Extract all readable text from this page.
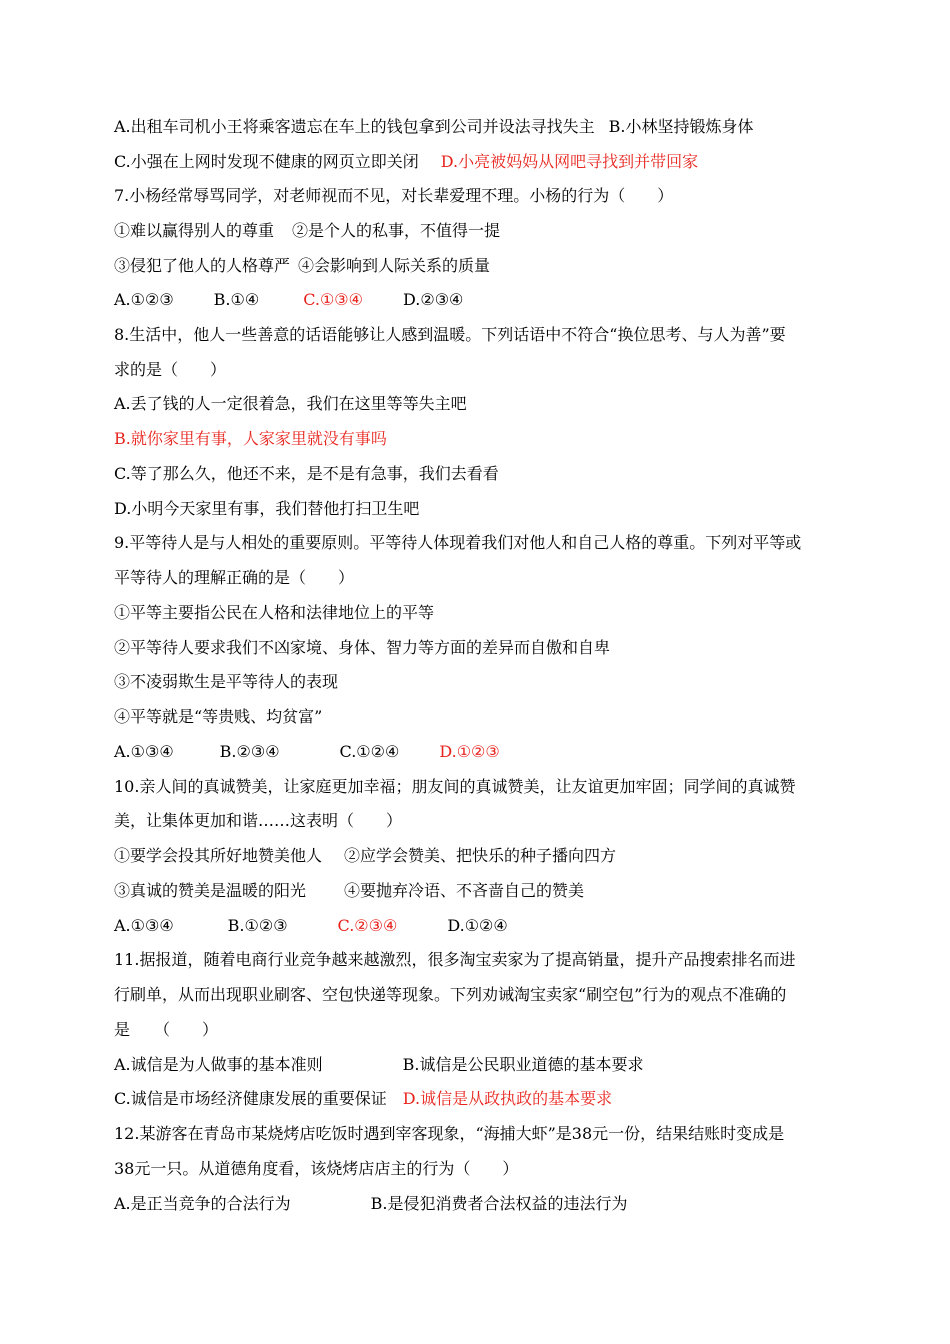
A.出租车司机小王将乘客遗忘在车上的钱包拿到公司并设法寻找失主 B.小林坚持锻炼身体
C.小强在上网时发现不健康的网页立即关闭 D.小亮被妈妈从网吧寻找到并带回家
7.小杨经常辱骂同学，对老师视而不见，对长辈爱理不理。小杨的行为（　　）
①难以赢得别人的尊重 ②是个人的私事，不值得一提
③侵犯了他人的人格尊严 ④会影响到人际关系的质量
A.①②③	B.①④	C.①③④	D.②③④
8.生活中，他人一些善意的话语能够让人感到温暖。下列话语中不符合“换位思考、与人为善”要
求的是（　　）
A.丢了钱的人一定很着急，我们在这里等等失主吧
B.就你家里有事，人家家里就没有事吗
C.等了那么久，他还不来，是不是有急事，我们去看看
D.小明今天家里有事，我们替他打扫卫生吧
9.平等待人是与人相处的重要原则。平等待人体现着我们对他人和自己人格的尊重。下列对平等或
平等待人的理解正确的是（　　）
①平等主要指公民在人格和法律地位上的平等
②平等待人要求我们不凶家境、身体、智力等方面的差异而自傲和自卑
③不凌弱欺生是平等待人的表现
④平等就是“等贵贱、均贫富”
A.①③④	B.②③④	C.①②④	D.①②③
10.亲人间的真诚赞美，让家庭更加幸福；朋友间的真诚赞美，让友谊更加牢固；同学间的真诚赞
美，让集体更加和谐……这表明（　　）
①要学会投其所好地赞美他人 ②应学会赞美、把快乐的种子播向四方
③真诚的赞美是温暖的阳光 ④要抛弃冷语、不吝啬自己的赞美
A.①③④	B.①②③	C.②③④	D.①②④
11.据报道，随着电商行业竞争越来越激烈，很多淘宝卖家为了提高销量，提升产品搜索排名而进
行刷单，从而出现职业刷客、空包快递等现象。下列劝诫淘宝卖家“刷空包”行为的观点不准确的
是　　（　　）
A.诚信是为人做事的基本准则	B.诚信是公民职业道德的基本要求
C.诚信是市场经济健康发展的重要保证 D.诚信是从政执政的基本要求
12.某游客在青岛市某烧烤店吃饭时遇到宰客现象，“海捕大虾”是38元一份，结果结账时变成是
38元一只。从道德角度看，该烧烤店店主的行为（　　）
A.是正当竞争的合法行为	B.是侵犯消费者合法权益的违法行为
